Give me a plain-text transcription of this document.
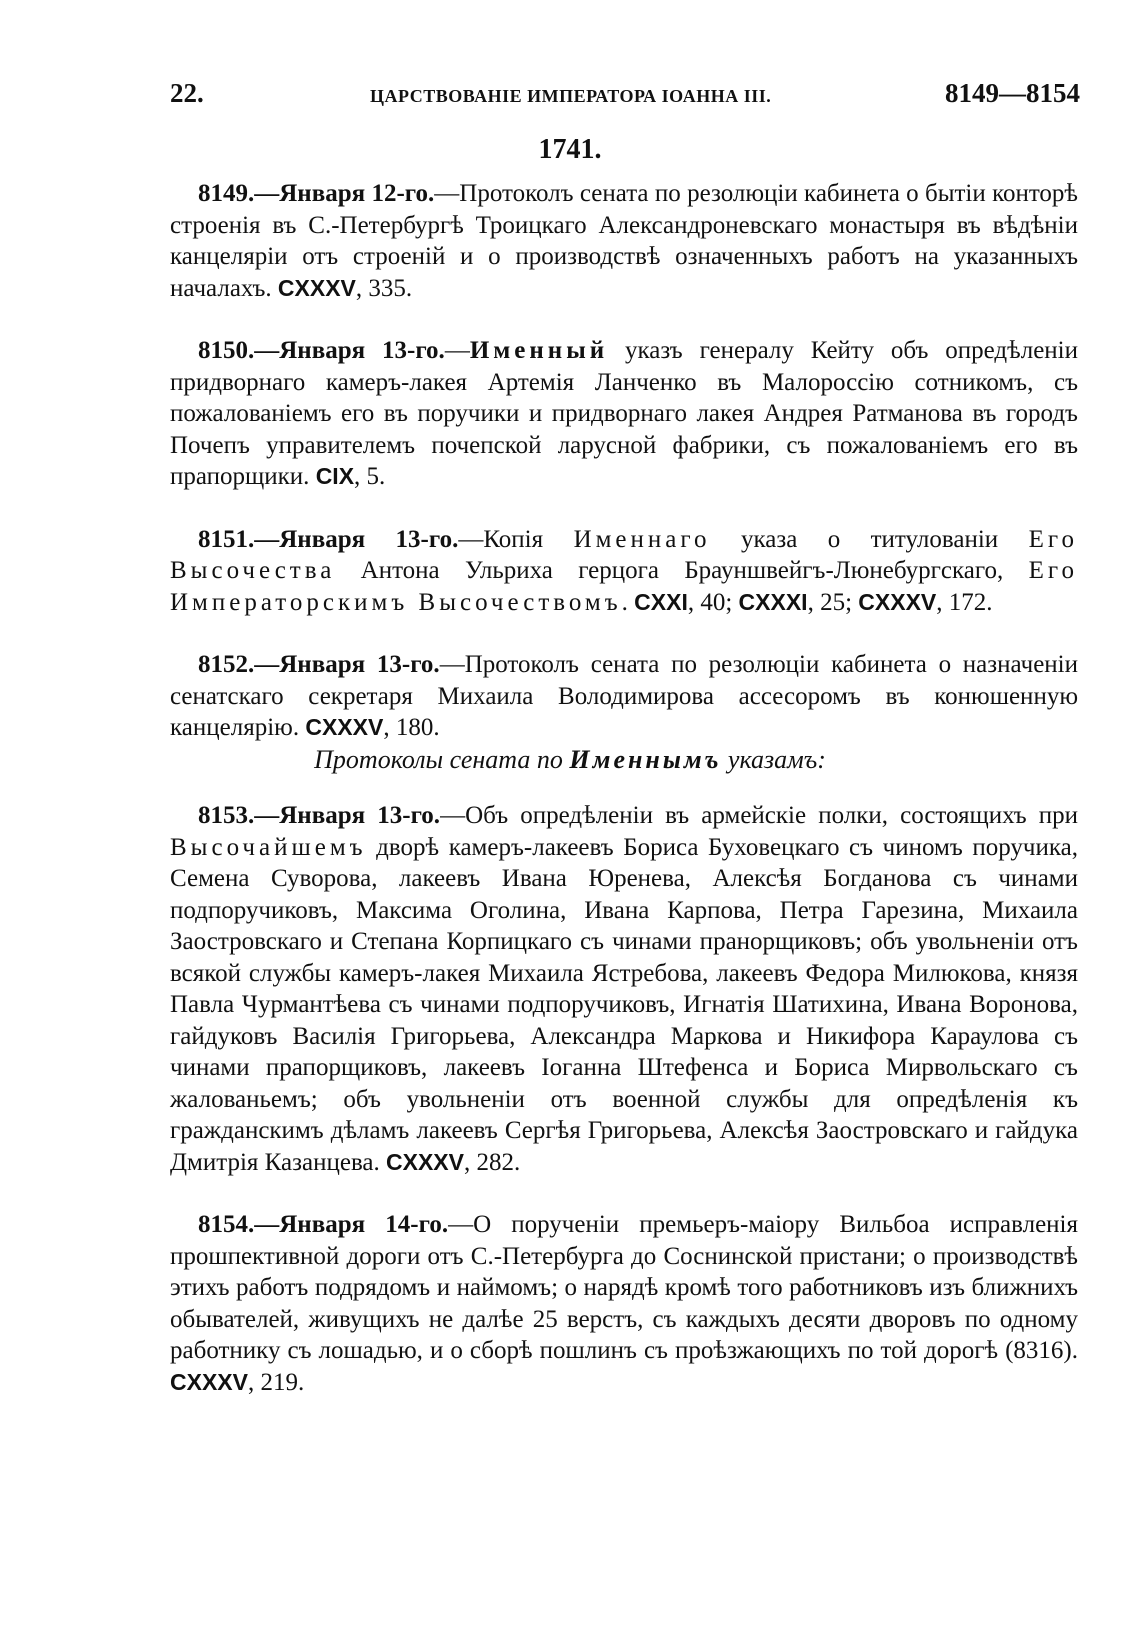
22.	ЦАРСТВОВАНІЕ ИМПЕРАТОРА ІОАННА III.	8149—8154
1741.

8149.—Января 12-го.—Протоколъ сената по резолюціи кабинета о бытіи конторѣ строенія въ С.-Петербургѣ Троицкаго Александроневскаго монастыря въ вѣдѣніи канцеляріи отъ строеній и о производствѣ означенныхъ работъ на указанныхъ началахъ. CXXXV, 335.

8150.—Января 13-го.—Именный указъ генералу Кейту объ опредѣленіи придворнаго камеръ-лакея Артемія Ланченко въ Малороссію сотникомъ, съ пожалованіемъ его въ поручики и придворнаго лакея Андрея Ратманова въ городъ Почепъ управителемъ почепской ларусной фабрики, съ пожалованіемъ его въ прапорщики. CIX, 5.

8151.—Января 13-го.—Копія Именнаго указа о титулованіи Его Высочества Антона Ульриха герцога Брауншвейгъ-Люнебургскаго, Его Императорскимъ Высочествомъ. CXXI, 40; CXXXI, 25; CXXXV, 172.

8152.—Января 13-го.—Протоколъ сената по резолюціи кабинета о назначеніи сенатскаго секретаря Михаила Володимирова ассесоромъ въ конюшенную канцелярію. CXXXV, 180.

Протоколы сената по Именнымъ указамъ:

8153.—Января 13-го.—Объ опредѣленіи въ армейскіе полки, состоящихъ при Высочайшемъ дворѣ камеръ-лакеевъ Бориса Буховецкаго съ чиномъ поручика, Семена Суворова, лакеевъ Ивана Юренева, Алексѣя Богданова съ чинами подпоручиковъ, Максима Оголина, Ивана Карпова, Петра Гарезина, Михаила Заостровскаго и Степана Корпицкаго съ чинами пранорщиковъ; объ увольненіи отъ всякой службы камеръ-лакея Михаила Ястребова, лакеевъ Федора Милюкова, князя Павла Чурмантѣева съ чинами подпоручиковъ, Игнатія Шатихина, Ивана Воронова, гайдуковъ Василія Григорьева, Александра Маркова и Никифора Караулова съ чинами прапорщиковъ, лакеевъ Іоганна Штефенса и Бориса Мирвольскаго съ жалованьемъ; объ увольненіи отъ военной службы для опредѣленія къ гражданскимъ дѣламъ лакеевъ Сергѣя Григорьева, Алексѣя Заостровскаго и гайдука Дмитрія Казанцева. CXXXV, 282.

8154.—Января 14-го.—О порученіи премьеръ-маіору Вильбоа исправленія прошпективной дороги отъ С.-Петербурга до Соснинской пристани; о производствѣ этихъ работъ подрядомъ и наймомъ; о нарядѣ кромѣ того работниковъ изъ ближнихъ обывателей, живущихъ не далѣе 25 верстъ, съ каждыхъ десяти дворовъ по одному работнику съ лошадью, и о сборѣ пошлинъ съ проѣзжающихъ по той дорогѣ (8316). CXXXV, 219.
